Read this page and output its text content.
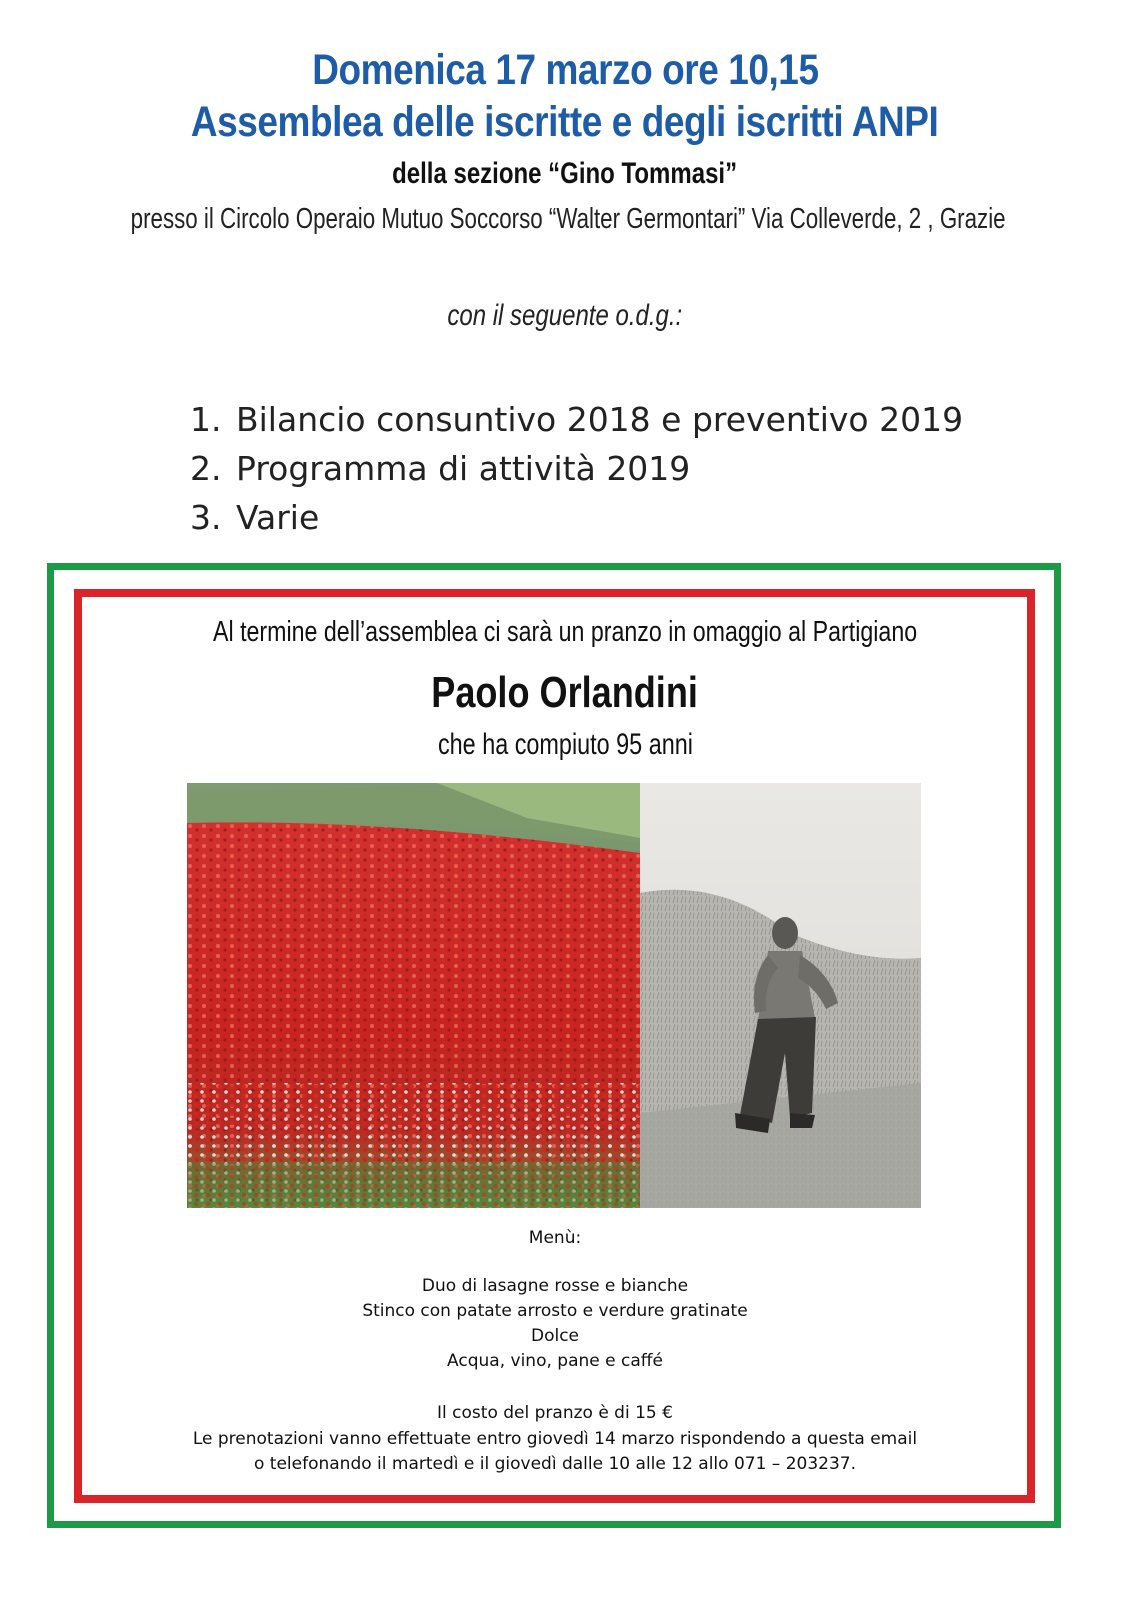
Domenica 17 marzo ore 10,15
Assemblea delle iscritte e degli iscritti ANPI
della sezione “Gino Tommasi”
presso il Circolo Operaio Mutuo Soccorso “Walter Germontari” Via Colleverde, 2 , Grazie
con il seguente o.d.g.:
1. Bilancio consuntivo 2018 e preventivo 2019
2. Programma di attività 2019
3. Varie
Al termine dell’assemblea ci sarà un pranzo in omaggio al Partigiano
Paolo Orlandini
che ha compiuto 95 anni
Menù:
Duo di lasagne rosse e bianche
Stinco con patate arrosto e verdure gratinate
Dolce
Acqua, vino, pane e caffé
Il costo del pranzo è di 15 €
Le prenotazioni vanno effettuate entro giovedì 14 marzo rispondendo a questa email
o telefonando il martedì e il giovedì dalle 10 alle 12 allo 071 – 203237.
